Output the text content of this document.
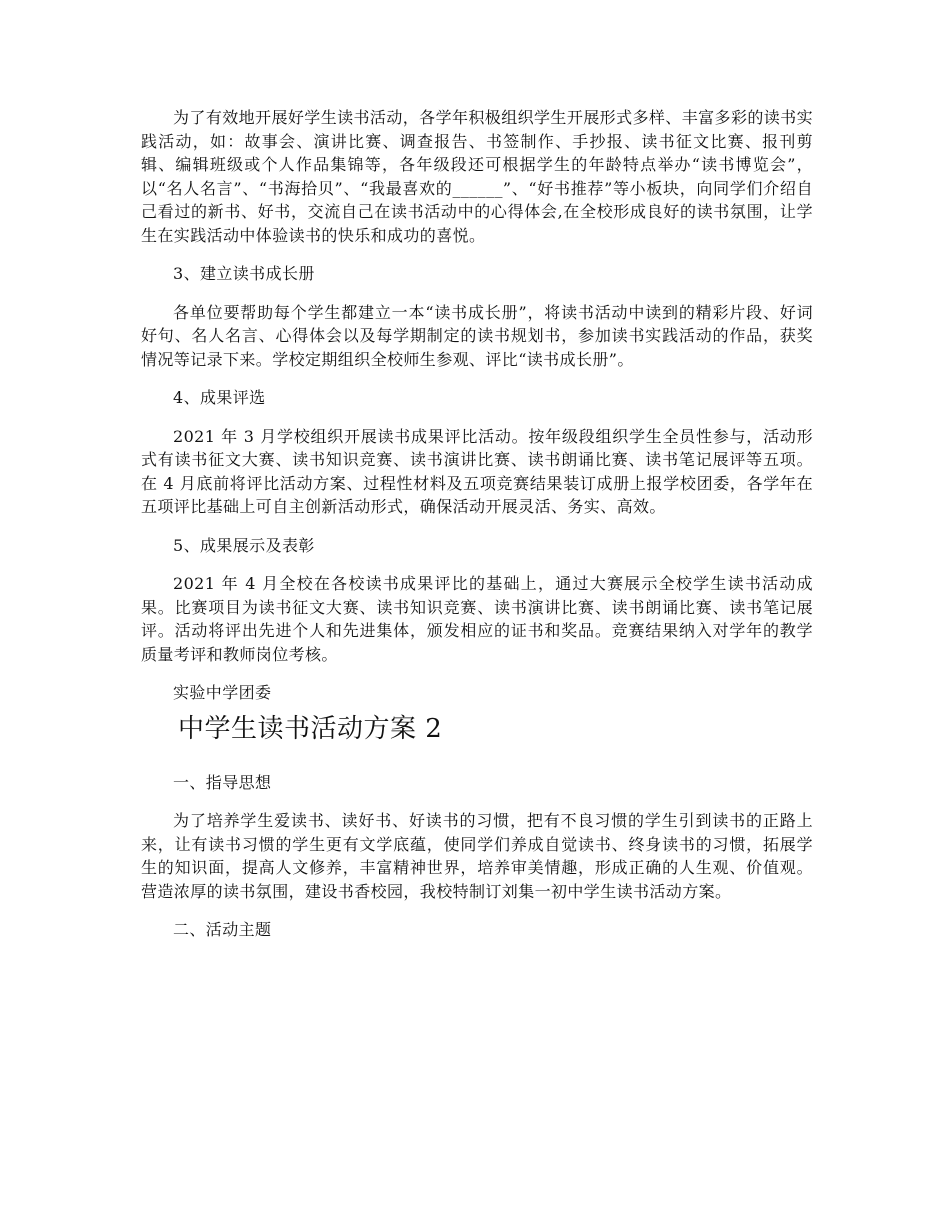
为了有效地开展好学生读书活动，各学年积极组织学生开展形式多样、丰富多彩的读书实践活动，如：故事会、演讲比赛、调查报告、书签制作、手抄报、读书征文比赛、报刊剪辑、编辑班级或个人作品集锦等，各年级段还可根据学生的年龄特点举办“读书博览会”，以“名人名言”、“书海拾贝”、“我最喜欢的______”、“好书推荐”等小板块，向同学们介绍自己看过的新书、好书，交流自己在读书活动中的心得体会,在全校形成良好的读书氛围，让学生在实践活动中体验读书的快乐和成功的喜悦。

3、建立读书成长册

各单位要帮助每个学生都建立一本“读书成长册”，将读书活动中读到的精彩片段、好词好句、名人名言、心得体会以及每学期制定的读书规划书，参加读书实践活动的作品，获奖情况等记录下来。学校定期组织全校师生参观、评比“读书成长册”。

4、成果评选

2021 年 3 月学校组织开展读书成果评比活动。按年级段组织学生全员性参与，活动形式有读书征文大赛、读书知识竞赛、读书演讲比赛、读书朗诵比赛、读书笔记展评等五项。在 4 月底前将评比活动方案、过程性材料及五项竞赛结果装订成册上报学校团委，各学年在五项评比基础上可自主创新活动形式，确保活动开展灵活、务实、高效。

5、成果展示及表彰

2021 年 4 月全校在各校读书成果评比的基础上，通过大赛展示全校学生读书活动成果。比赛项目为读书征文大赛、读书知识竞赛、读书演讲比赛、读书朗诵比赛、读书笔记展评。活动将评出先进个人和先进集体，颁发相应的证书和奖品。竞赛结果纳入对学年的教学质量考评和教师岗位考核。

实验中学团委

中学生读书活动方案 2

一、指导思想

为了培养学生爱读书、读好书、好读书的习惯，把有不良习惯的学生引到读书的正路上来，让有读书习惯的学生更有文学底蕴，使同学们养成自觉读书、终身读书的习惯，拓展学生的知识面，提高人文修养，丰富精神世界，培养审美情趣，形成正确的人生观、价值观。营造浓厚的读书氛围，建设书香校园，我校特制订刘集一初中学生读书活动方案。

二、活动主题
